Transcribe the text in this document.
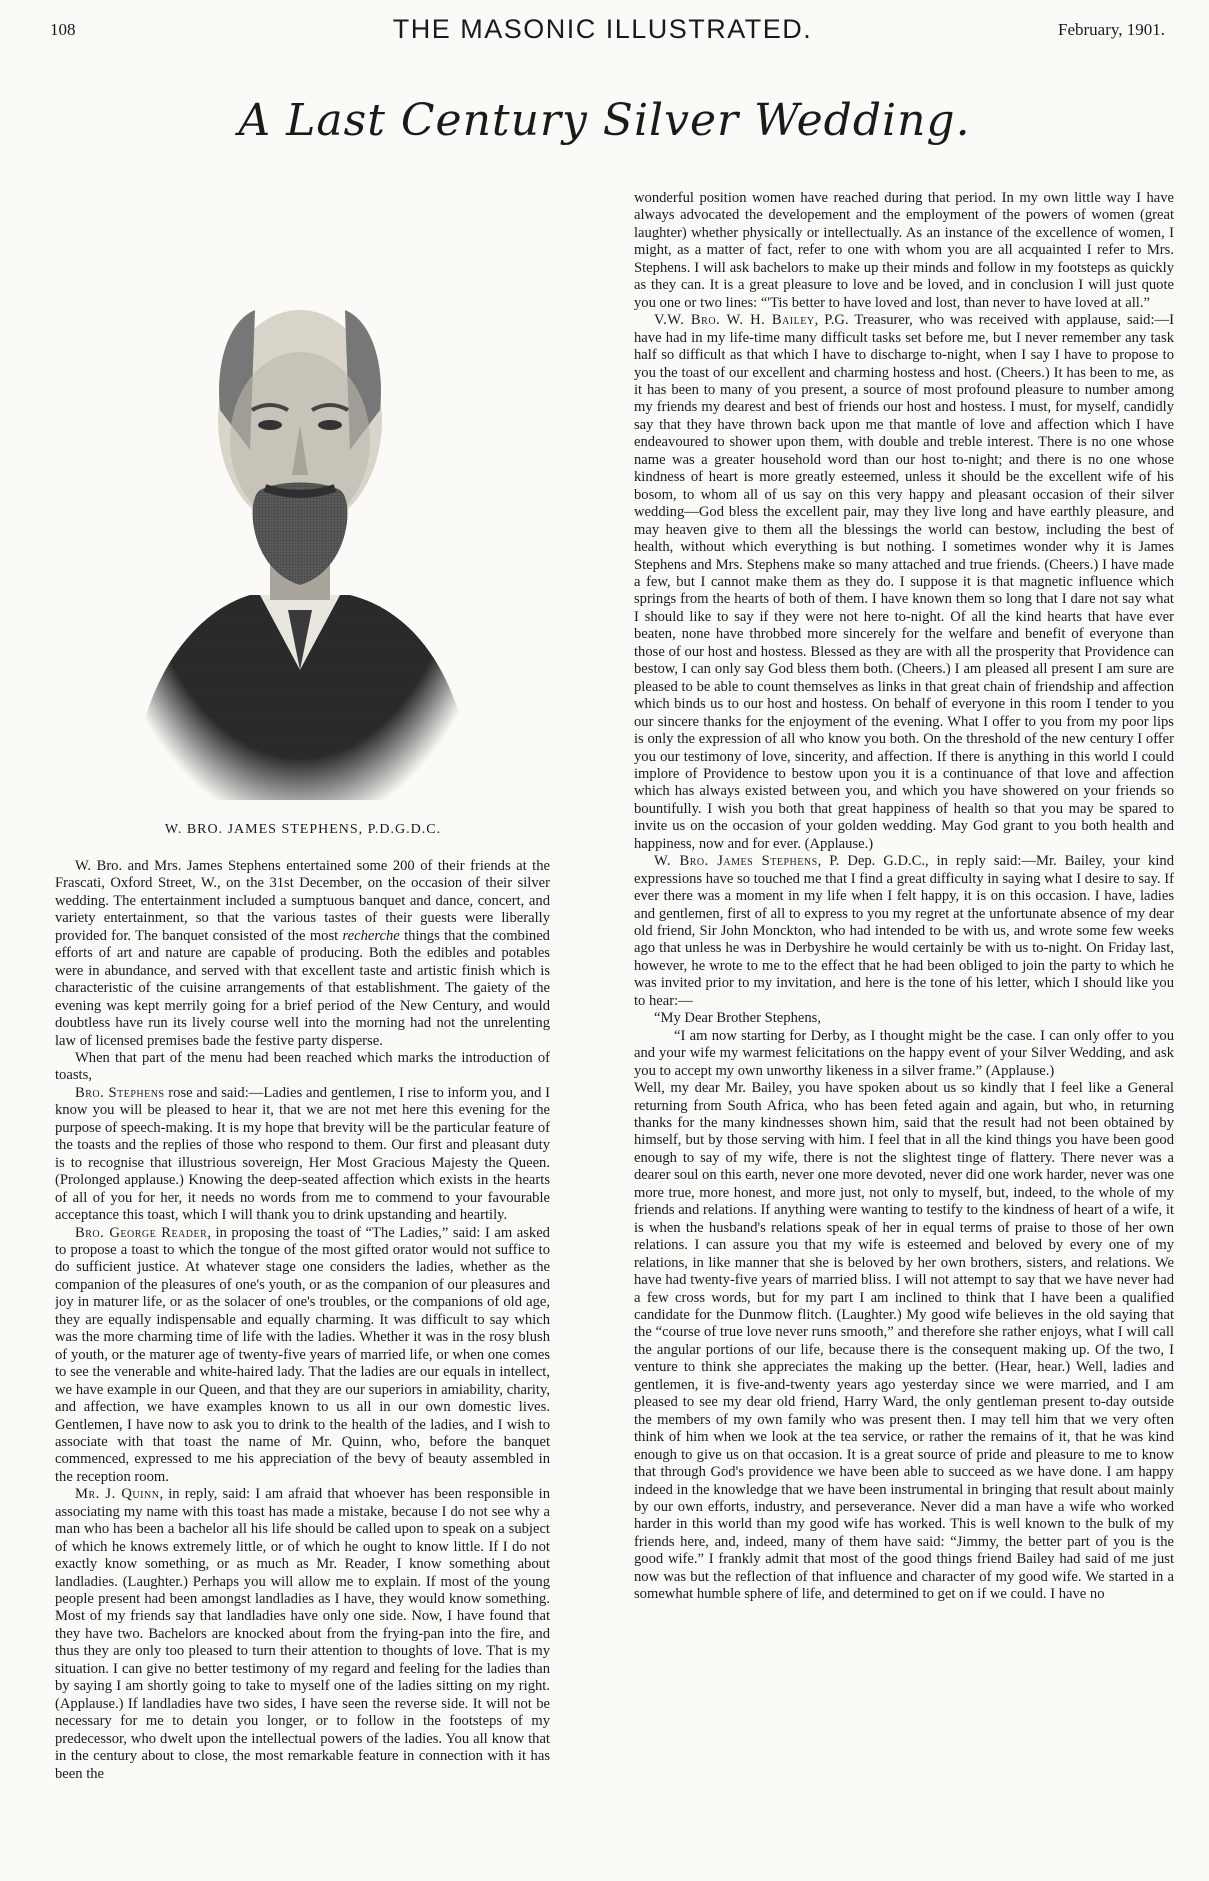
108	THE MASONIC ILLUSTRATED.	February, 1901.
A Last Century Silver Wedding.
W. BRO. JAMES STEPHENS, P.D.G.D.C.

W. Bro. and Mrs. James Stephens entertained some 200 of their friends at the Frascati, Oxford Street, W., on the 31st December, on the occasion of their silver wedding. The entertainment included a sumptuous banquet and dance, concert, and variety entertainment, so that the various tastes of their guests were liberally provided for. The banquet consisted of the most recherche things that the combined efforts of art and nature are capable of producing. Both the edibles and potables were in abundance, and served with that excellent taste and artistic finish which is characteristic of the cuisine arrangements of that establishment. The gaiety of the evening was kept merrily going for a brief period of the New Century, and would doubtless have run its lively course well into the morning had not the unrelenting law of licensed premises bade the festive party disperse.

When that part of the menu had been reached which marks the introduction of toasts,

Bro. Stephens rose and said:—Ladies and gentlemen, I rise to inform you, and I know you will be pleased to hear it, that we are not met here this evening for the purpose of speech-making. It is my hope that brevity will be the particular feature of the toasts and the replies of those who respond to them. Our first and pleasant duty is to recognise that illustrious sovereign, Her Most Gracious Majesty the Queen. (Prolonged applause.) Knowing the deep-seated affection which exists in the hearts of all of you for her, it needs no words from me to commend to your favourable acceptance this toast, which I will thank you to drink upstanding and heartily.

Bro. George Reader, in proposing the toast of “The Ladies,” said: I am asked to propose a toast to which the tongue of the most gifted orator would not suffice to do sufficient justice. At whatever stage one considers the ladies, whether as the companion of the pleasures of one's youth, or as the companion of our pleasures and joy in maturer life, or as the solacer of one's troubles, or the companions of old age, they are equally indispensable and equally charming. It was difficult to say which was the more charming time of life with the ladies. Whether it was in the rosy blush of youth, or the maturer age of twenty-five years of married life, or when one comes to see the venerable and white-haired lady. That the ladies are our equals in intellect, we have example in our Queen, and that they are our superiors in amiability, charity, and affection, we have examples known to us all in our own domestic lives. Gentlemen, I have now to ask you to drink to the health of the ladies, and I wish to associate with that toast the name of Mr. Quinn, who, before the banquet commenced, expressed to me his appreciation of the bevy of beauty assembled in the reception room.

Mr. J. Quinn, in reply, said: I am afraid that whoever has been responsible in associating my name with this toast has made a mistake, because I do not see why a man who has been a bachelor all his life should be called upon to speak on a subject of which he knows extremely little, or of which he ought to know little. If I do not exactly know something, or as much as Mr. Reader, I know something about landladies. (Laughter.) Perhaps you will allow me to explain. If most of the young people present had been amongst landladies as I have, they would know something. Most of my friends say that landladies have only one side. Now, I have found that they have two. Bachelors are knocked about from the frying-pan into the fire, and thus they are only too pleased to turn their attention to thoughts of love. That is my situation. I can give no better testimony of my regard and feeling for the ladies than by saying I am shortly going to take to myself one of the ladies sitting on my right. (Applause.) If landladies have two sides, I have seen the reverse side. It will not be necessary for me to detain you longer, or to follow in the footsteps of my predecessor, who dwelt upon the intellectual powers of the ladies. You all know that in the century about to close, the most remarkable feature in connection with it has been the

wonderful position women have reached during that period. In my own little way I have always advocated the developement and the employment of the powers of women (great laughter) whether physically or intellectually. As an instance of the excellence of women, I might, as a matter of fact, refer to one with whom you are all acquainted I refer to Mrs. Stephens. I will ask bachelors to make up their minds and follow in my footsteps as quickly as they can. It is a great pleasure to love and be loved, and in conclusion I will just quote you one or two lines: “'Tis better to have loved and lost, than never to have loved at all.”

V.W. Bro. W. H. Bailey, P.G. Treasurer, who was received with applause, said:—I have had in my life-time many difficult tasks set before me, but I never remember any task half so difficult as that which I have to discharge to-night, when I say I have to propose to you the toast of our excellent and charming hostess and host. (Cheers.) It has been to me, as it has been to many of you present, a source of most profound pleasure to number among my friends my dearest and best of friends our host and hostess. I must, for myself, candidly say that they have thrown back upon me that mantle of love and affection which I have endeavoured to shower upon them, with double and treble interest. There is no one whose name was a greater household word than our host to-night; and there is no one whose kindness of heart is more greatly esteemed, unless it should be the excellent wife of his bosom, to whom all of us say on this very happy and pleasant occasion of their silver wedding—God bless the excellent pair, may they live long and have earthly pleasure, and may heaven give to them all the blessings the world can bestow, including the best of health, without which everything is but nothing. I sometimes wonder why it is James Stephens and Mrs. Stephens make so many attached and true friends. (Cheers.) I have made a few, but I cannot make them as they do. I suppose it is that magnetic influence which springs from the hearts of both of them. I have known them so long that I dare not say what I should like to say if they were not here to-night. Of all the kind hearts that have ever beaten, none have throbbed more sincerely for the welfare and benefit of everyone than those of our host and hostess. Blessed as they are with all the prosperity that Providence can bestow, I can only say God bless them both. (Cheers.) I am pleased all present I am sure are pleased to be able to count themselves as links in that great chain of friendship and affection which binds us to our host and hostess. On behalf of everyone in this room I tender to you our sincere thanks for the enjoyment of the evening. What I offer to you from my poor lips is only the expression of all who know you both. On the threshold of the new century I offer you our testimony of love, sincerity, and affection. If there is anything in this world I could implore of Providence to bestow upon you it is a continuance of that love and affection which has always existed between you, and which you have showered on your friends so bountifully. I wish you both that great happiness of health so that you may be spared to invite us on the occasion of your golden wedding. May God grant to you both health and happiness, now and for ever. (Applause.)

W. Bro. James Stephens, P. Dep. G.D.C., in reply said:—Mr. Bailey, your kind expressions have so touched me that I find a great difficulty in saying what I desire to say. If ever there was a moment in my life when I felt happy, it is on this occasion. I have, ladies and gentlemen, first of all to express to you my regret at the unfortunate absence of my dear old friend, Sir John Monckton, who had intended to be with us, and wrote some few weeks ago that unless he was in Derbyshire he would certainly be with us to-night. On Friday last, however, he wrote to me to the effect that he had been obliged to join the party to which he was invited prior to my invitation, and here is the tone of his letter, which I should like you to hear:—

“My Dear Brother Stephens,

“I am now starting for Derby, as I thought might be the case. I can only offer to you and your wife my warmest felicitations on the happy event of your Silver Wedding, and ask you to accept my own unworthy likeness in a silver frame.” (Applause.)

Well, my dear Mr. Bailey, you have spoken about us so kindly that I feel like a General returning from South Africa, who has been feted again and again, but who, in returning thanks for the many kindnesses shown him, said that the result had not been obtained by himself, but by those serving with him. I feel that in all the kind things you have been good enough to say of my wife, there is not the slightest tinge of flattery. There never was a dearer soul on this earth, never one more devoted, never did one work harder, never was one more true, more honest, and more just, not only to myself, but, indeed, to the whole of my friends and relations. If anything were wanting to testify to the kindness of heart of a wife, it is when the husband's relations speak of her in equal terms of praise to those of her own relations. I can assure you that my wife is esteemed and beloved by every one of my relations, in like manner that she is beloved by her own brothers, sisters, and relations. We have had twenty-five years of married bliss. I will not attempt to say that we have never had a few cross words, but for my part I am inclined to think that I have been a qualified candidate for the Dunmow flitch. (Laughter.) My good wife believes in the old saying that the “course of true love never runs smooth,” and therefore she rather enjoys, what I will call the angular portions of our life, because there is the consequent making up. Of the two, I venture to think she appreciates the making up the better. (Hear, hear.) Well, ladies and gentlemen, it is five-and-twenty years ago yesterday since we were married, and I am pleased to see my dear old friend, Harry Ward, the only gentleman present to-day outside the members of my own family who was present then. I may tell him that we very often think of him when we look at the tea service, or rather the remains of it, that he was kind enough to give us on that occasion. It is a great source of pride and pleasure to me to know that through God's providence we have been able to succeed as we have done. I am happy indeed in the knowledge that we have been instrumental in bringing that result about mainly by our own efforts, industry, and perseverance. Never did a man have a wife who worked harder in this world than my good wife has worked. This is well known to the bulk of my friends here, and, indeed, many of them have said: “Jimmy, the better part of you is the good wife.” I frankly admit that most of the good things friend Bailey had said of me just now was but the reflection of that influence and character of my good wife. We started in a somewhat humble sphere of life, and determined to get on if we could. I have no
